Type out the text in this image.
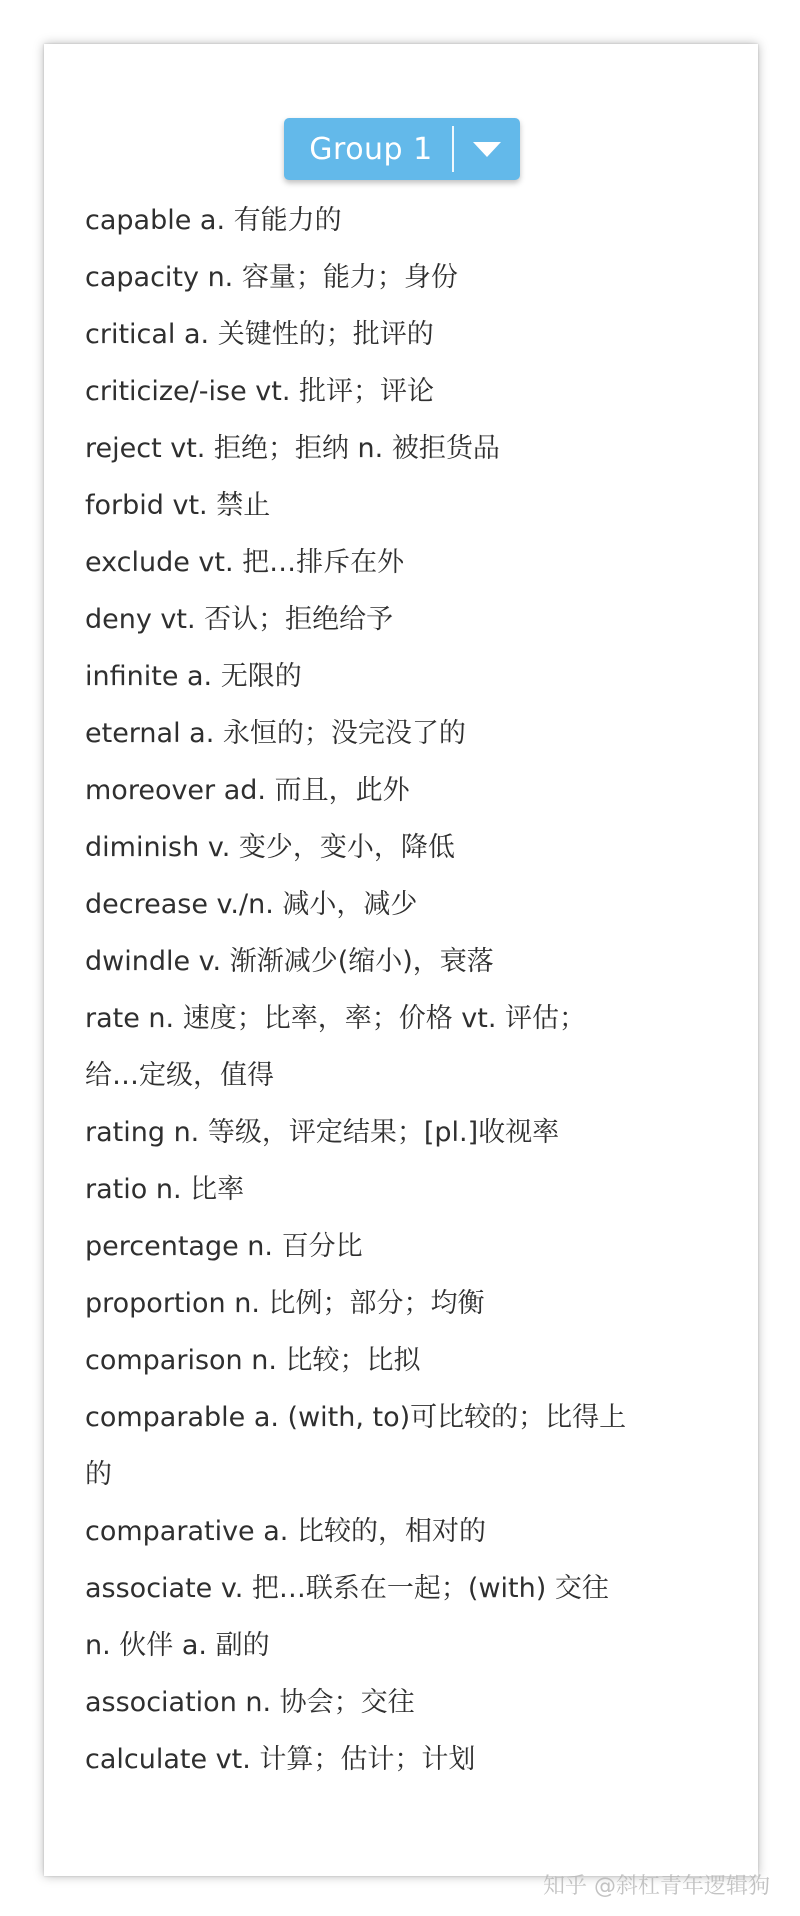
Group 1
capable a. 有能力的
capacity n. 容量；能力；身份
critical a. 关键性的；批评的
criticize/-ise vt. 批评；评论
reject vt. 拒绝；拒纳 n. 被拒货品
forbid vt. 禁止
exclude vt. 把…排斥在外
deny vt. 否认；拒绝给予
infinite a. 无限的
eternal a. 永恒的；没完没了的
moreover ad. 而且，此外
diminish v. 变少，变小，降低
decrease v./n. 减小，减少
dwindle v. 渐渐减少(缩小)，衰落
rate n. 速度；比率，率；价格 vt. 评估；
给…定级，值得
rating n. 等级，评定结果；[pl.]收视率
ratio n. 比率
percentage n. 百分比
proportion n. 比例；部分；均衡
comparison n. 比较；比拟
comparable a. (with, to)可比较的；比得上
的
comparative a. 比较的，相对的
associate v. 把…联系在一起；(with) 交往
n. 伙伴 a. 副的
association n. 协会；交往
calculate vt. 计算；估计；计划
知乎 @斜杠青年逻辑狗
